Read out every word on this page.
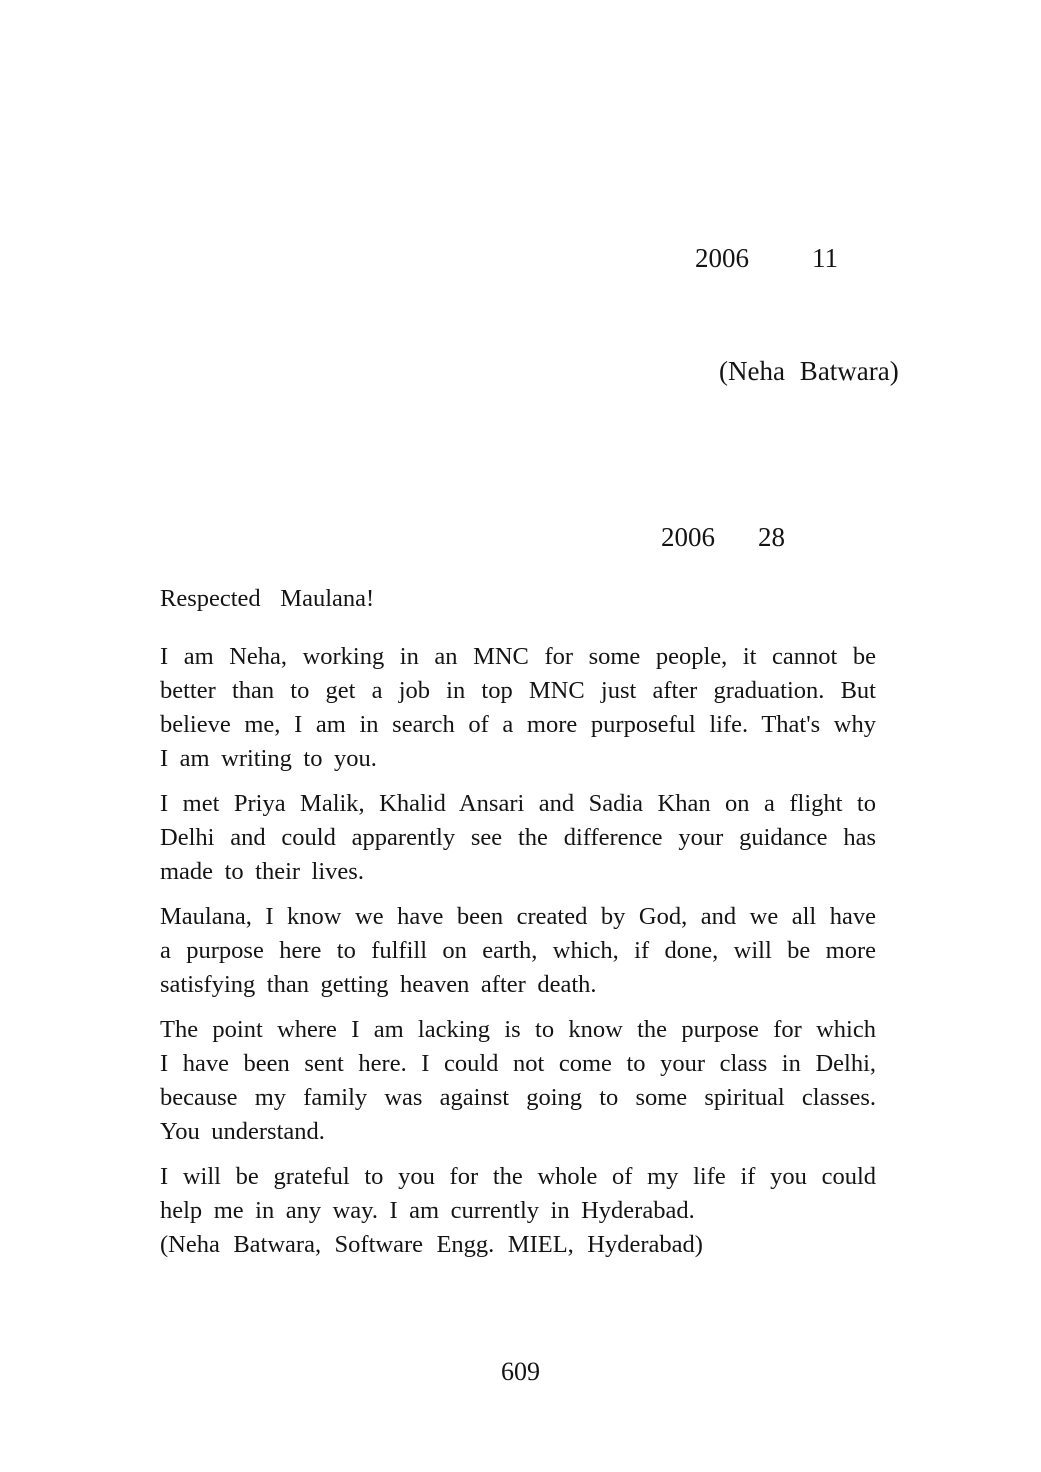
2006 11
(Neha Batwara)
2006 28
Respected Maulana!
I am Neha, working in an MNC for some people, it cannot be
better than to get a job in top MNC just after graduation. But
believe me, I am in search of a more purposeful life. That's why
I am writing to you.
I met Priya Malik, Khalid Ansari and Sadia Khan on a flight to
Delhi and could apparently see the difference your guidance has
made to their lives.
Maulana, I know we have been created by God, and we all have
a purpose here to fulfill on earth, which, if done, will be more
satisfying than getting heaven after death.
The point where I am lacking is to know the purpose for which
I have been sent here. I could not come to your class in Delhi,
because my family was against going to some spiritual classes.
You understand.
I will be grateful to you for the whole of my life if you could
help me in any way. I am currently in Hyderabad.
(Neha Batwara, Software Engg. MIEL, Hyderabad)
609
